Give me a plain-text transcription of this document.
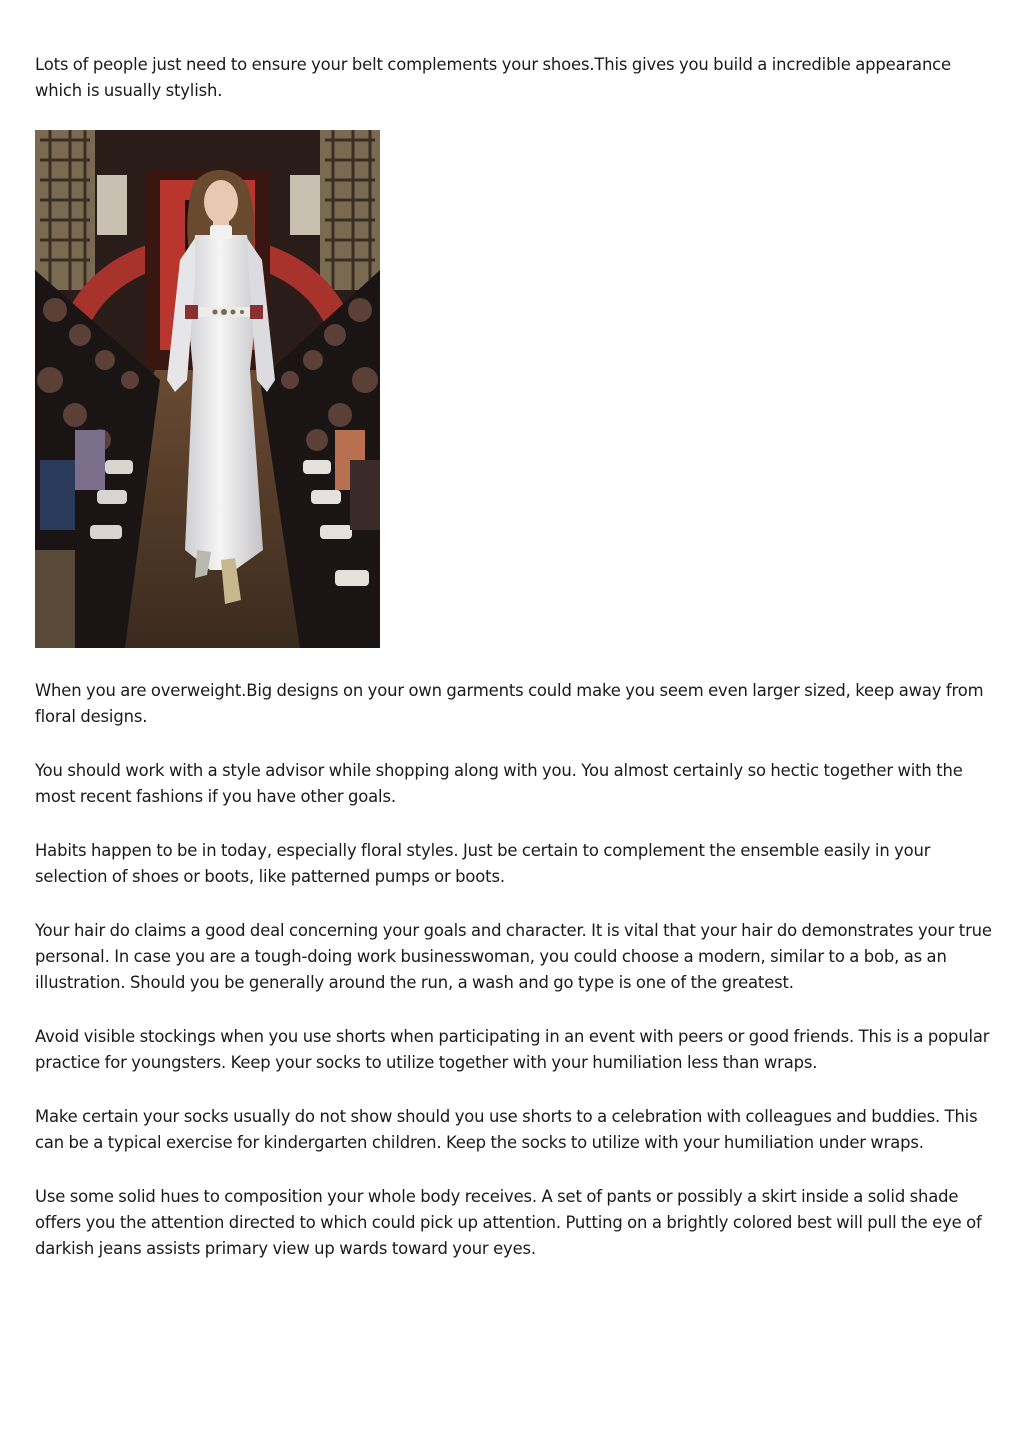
Lots of people just need to ensure your belt complements your shoes.This gives you build a incredible appearance which is usually stylish.

When you are overweight.Big designs on your own garments could make you seem even larger sized, keep away from floral designs.

You should work with a style advisor while shopping along with you. You almost certainly so hectic together with the most recent fashions if you have other goals.

Habits happen to be in today, especially floral styles. Just be certain to complement the ensemble easily in your selection of shoes or boots, like patterned pumps or boots.

Your hair do claims a good deal concerning your goals and character. It is vital that your hair do demonstrates your true personal. In case you are a tough-doing work businesswoman, you could choose a modern, similar to a bob, as an illustration. Should you be generally around the run, a wash and go type is one of the greatest.

Avoid visible stockings when you use shorts when participating in an event with peers or good friends. This is a popular practice for youngsters. Keep your socks to utilize together with your humiliation less than wraps.

Make certain your socks usually do not show should you use shorts to a celebration with colleagues and buddies. This can be a typical exercise for kindergarten children. Keep the socks to utilize with your humiliation under wraps.

Use some solid hues to composition your whole body receives. A set of pants or possibly a skirt inside a solid shade offers you the attention directed to which could pick up attention. Putting on a brightly colored best will pull the eye of darkish jeans assists primary view up wards toward your eyes.
